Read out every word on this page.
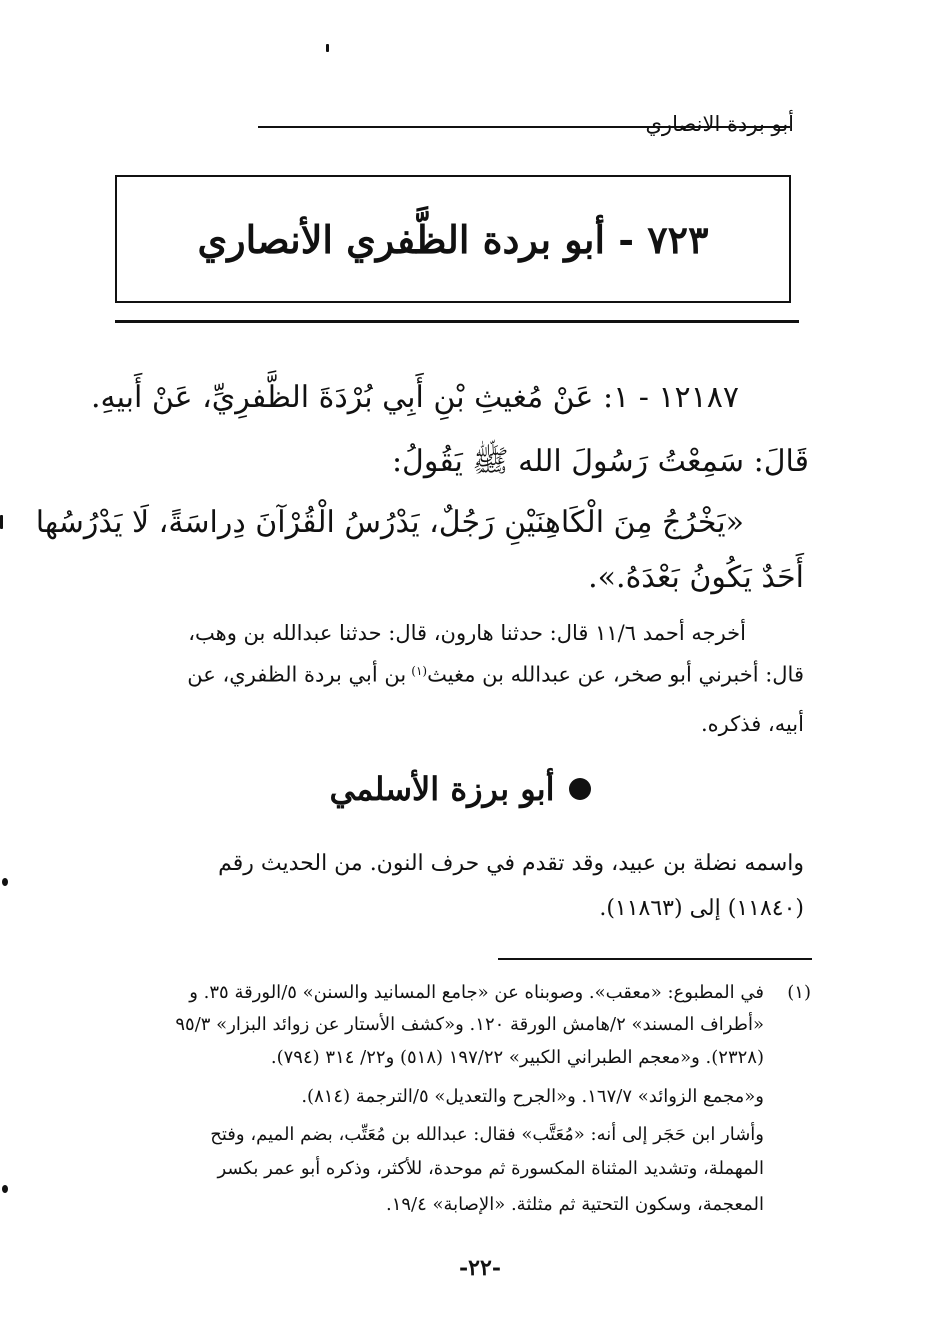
أبو بردة الانصاري
٧٢٣ - أبو بردة الظَّفري الأنصاري
١٢١٨٧ - ١: عَنْ مُغيثِ بْنِ أَبِي بُرْدَةَ الظَّفرِيِّ، عَنْ أَبيهِ.
قَالَ: سَمِعْتُ رَسُولَ الله ﷺ يَقُولُ:
«يَخْرُجُ مِنَ الْكَاهِنَيْنِ رَجُلٌ، يَدْرُسُ الْقُرْآنَ دِراسَةً، لَا يَدْرُسُها
أَحَدٌ يَكُونُ بَعْدَهُ.».
أخرجه أحمد ١١/٦ قال: حدثنا هارون، قال: حدثنا عبدالله بن وهب،
قال: أخبرني أبو صخر، عن عبدالله بن مغيث$^{(١)}$ بن أبي بردة الظفري، عن
أبيه، فذكره.
أبو برزة الأسلمي
واسمه نضلة بن عبيد، وقد تقدم في حرف النون. من الحديث رقم
(١١٨٤٠) إلى (١١٨٦٣).
(١)
في المطبوع: «معقب». وصوبناه عن «جامع المسانيد والسنن» ٥/الورقة ٣٥. و
«أطراف المسند» ٢/هامش الورقة ١٢٠. و«كشف الأستار عن زوائد البزار» ٩٥/٣
(٢٣٢٨). و«معجم الطبراني الكبير» ١٩٧/٢٢ (٥١٨) و٢٢/ ٣١٤ (٧٩٤).
و«مجمع الزوائد» ١٦٧/٧. و«الجرح والتعديل» ٥/الترجمة (٨١٤).
وأشار ابن حَجَر إلى أنه: «مُعَتَّب» فقال: عبدالله بن مُعَتِّب، بضم الميم، وفتح
المهملة، وتشديد المثناة المكسورة ثم موحدة، للأكثر، وذكره أبو عمر بكسر
المعجمة، وسكون التحتية ثم مثلثة. «الإصابة» ١٩/٤.
-٢٢-
